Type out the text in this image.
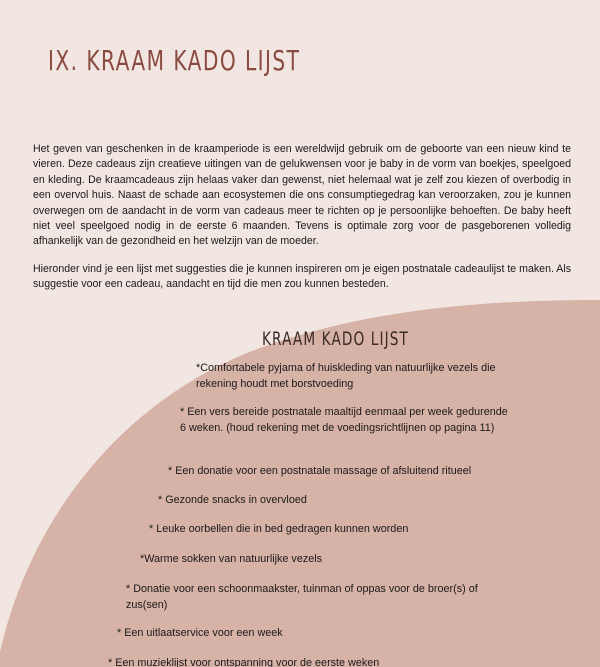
IX. KRAAM KADO LIJST

Het geven van geschenken in de kraamperiode is een wereldwijd gebruik om de geboorte van een nieuw kind te vieren. Deze cadeaus zijn creatieve uitingen van de gelukwensen voor je baby in de vorm van boekjes, speelgoed en kleding. De kraamcadeaus zijn helaas vaker dan gewenst, niet helemaal wat je zelf zou kiezen of overbodig in een overvol huis. Naast de schade aan ecosystemen die ons consumptiegedrag kan veroorzaken, zou je kunnen overwegen om de aandacht in de vorm van cadeaus meer te richten op je persoonlijke behoeften. De baby heeft niet veel speelgoed nodig in de eerste 6 maanden. Tevens is optimale zorg voor de pasgeborenen volledig afhankelijk van de gezondheid en het welzijn van de moeder.

Hieronder vind je een lijst met suggesties die je kunnen inspireren om je eigen postnatale cadeaulijst te maken. Als suggestie voor een cadeau, aandacht en tijd die men zou kunnen besteden.

KRAAM KADO LIJST
*Comfortabele pyjama of huiskleding van natuurlijke vezels die rekening houdt met borstvoeding
* Een vers bereide postnatale maaltijd eenmaal per week gedurende 6 weken. (houd rekening met de voedingsrichtlijnen op pagina 11)
* Een donatie voor een postnatale massage of afsluitend ritueel
* Gezonde snacks in overvloed
* Leuke oorbellen die in bed gedragen kunnen worden
*Warme sokken van natuurlijke vezels
* Donatie voor een schoonmaakster, tuinman of oppas voor de broer(s) of zus(sen)
* Een uitlaatservice voor een week
* Een muzieklijst voor ontspanning voor de eerste weken
